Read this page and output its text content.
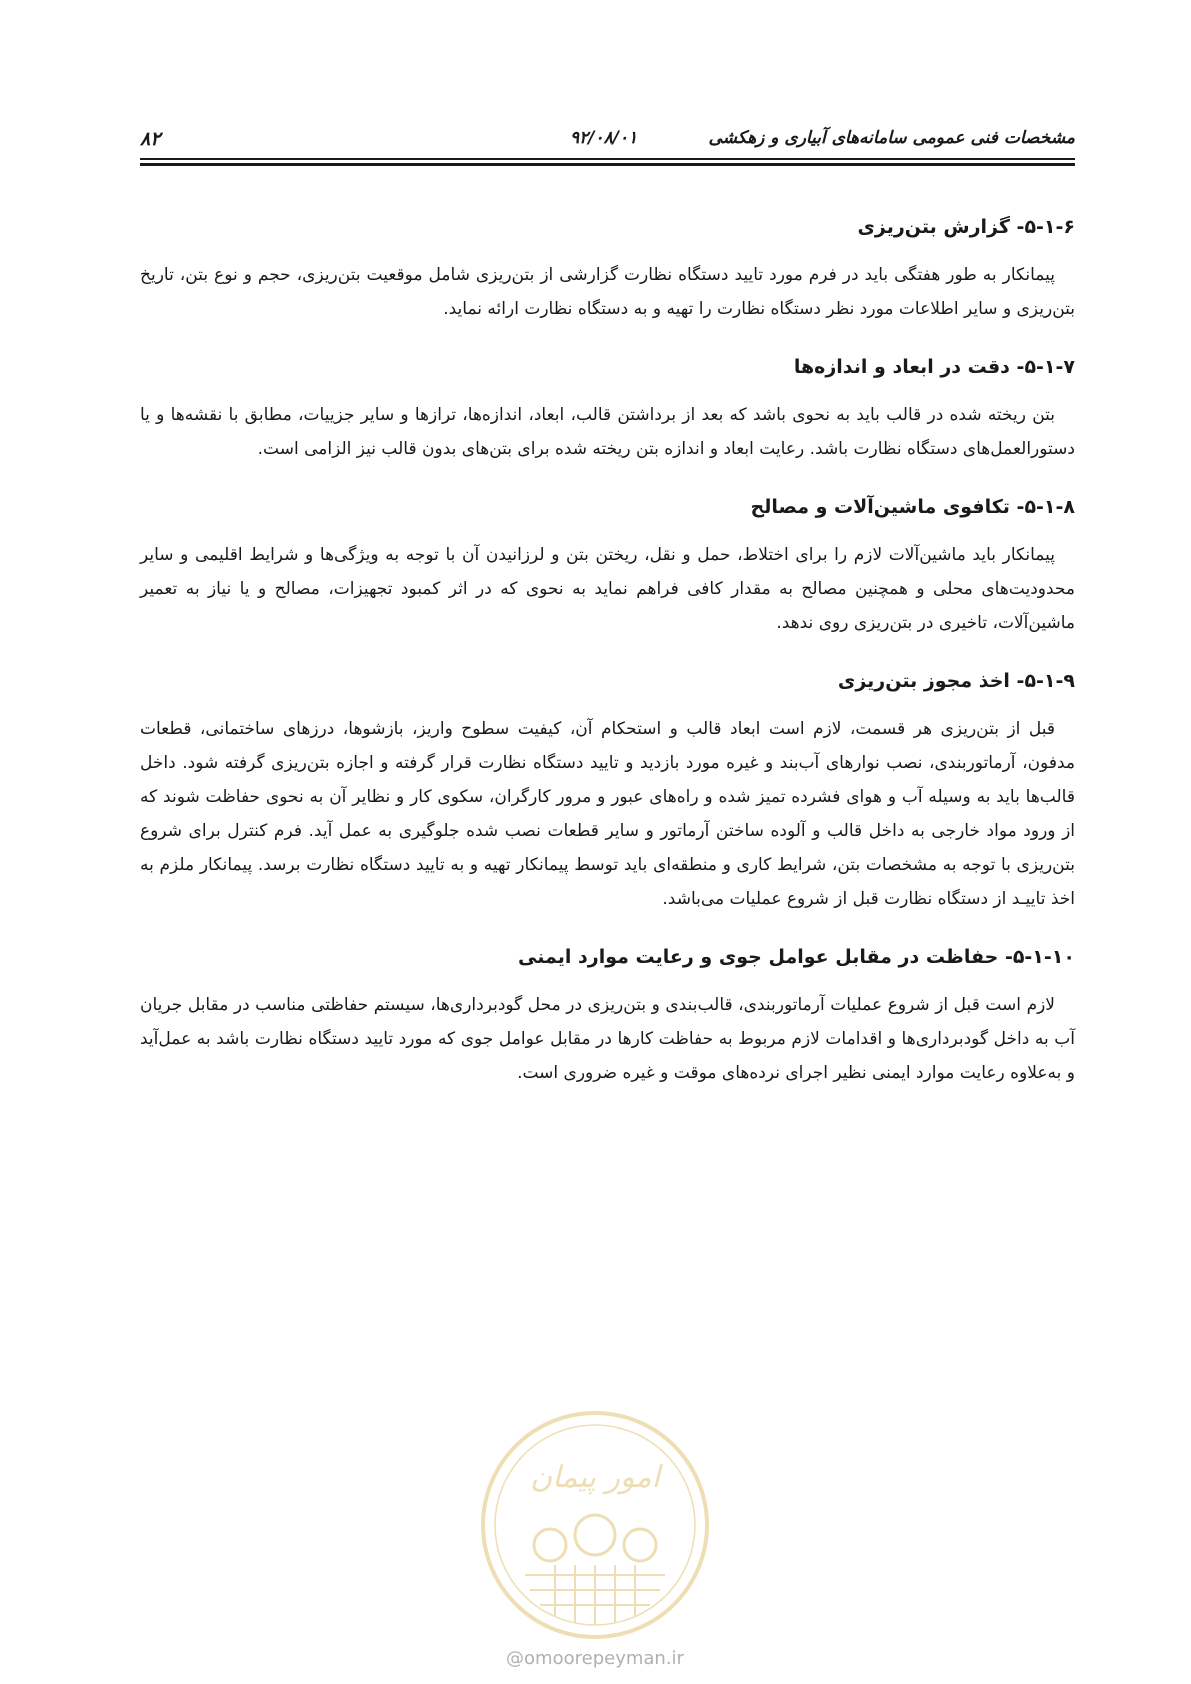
۸۲	۹۲/۰۸/۰۱	مشخصات فنی عمومی سامانه‌های آبیاری و زهکشی
۵-۱-۶- گزارش بتن‌ریزی

پیمانکار به طور هفتگی باید در فرم مورد تایید دستگاه نظارت گزارشی از بتن‌ریزی شامل موقعیت بتن‌ریزی، حجم و نوع بتن، تاریخ بتن‌ریزی و سایر اطلاعات مورد نظر دستگاه نظارت را تهیه و به دستگاه نظارت ارائه نماید.

۵-۱-۷- دقت در ابعاد و اندازه‌ها

بتن ریخته شده در قالب باید به نحوی باشد که بعد از برداشتن قالب، ابعاد، اندازه‌ها، ترازها و سایر جزییات، مطابق با نقشه‌ها و یا دستورالعمل‌های دستگاه نظارت باشد. رعایت ابعاد و اندازه بتن ریخته شده برای بتن‌های بدون قالب نیز الزامی است.

۵-۱-۸- تکافوی ماشین‌آلات و مصالح

پیمانکار باید ماشین‌آلات لازم را برای اختلاط، حمل و نقل، ریختن بتن و لرزانیدن آن با توجه به ویژگی‌ها و شرایط اقلیمی و سایر محدودیت‌های محلی و همچنین مصالح به مقدار کافی فراهم نماید به نحوی که در اثر کمبود تجهیزات، مصالح و یا نیاز به تعمیر ماشین‌آلات، تاخیری در بتن‌ریزی روی ندهد.

۵-۱-۹- اخذ مجوز بتن‌ریزی

قبل از بتن‌ریزی هر قسمت، لازم است ابعاد قالب و استحکام آن، کیفیت سطوح واریز، بازشوها، درزهای ساختمانی، قطعات مدفون، آرماتوربندی، نصب نوارهای آب‌بند و غیره مورد بازدید و تایید دستگاه نظارت قرار گرفته و اجازه بتن‌ریزی گرفته شود. داخل قالب‌ها باید به وسیله آب و هوای فشرده تمیز شده و راه‌های عبور و مرور کارگران، سکوی کار و نظایر آن به نحوی حفاظت شوند که از ورود مواد خارجی به داخل قالب و آلوده ساختن آرماتور و سایر قطعات نصب شده جلوگیری به عمل آید. فرم کنترل برای شروع بتن‌ریزی با توجه به مشخصات بتن، شرایط کاری و منطقه‌ای باید توسط پیمانکار تهیه و به تایید دستگاه نظارت برسد. پیمانکار ملزم به اخذ تاییـد از دستگاه نظارت قبل از شروع عملیات می‌باشد.

۵-۱-۱۰- حفاظت در مقابل عوامل جوی و رعایت موارد ایمنی

لازم است قبل از شروع عملیات آرماتوربندی، قالب‌بندی و بتن‌ریزی در محل گودبرداری‌ها، سیستم حفاظتی مناسب در مقابل جریان آب به داخل گودبرداری‌ها و اقدامات لازم مربوط به حفاظت کارها در مقابل عوامل جوی که مورد تایید دستگاه نظارت باشد به عمل‌آید و به‌علاوه رعایت موارد ایمنی نظیر اجرای نرده‌های موقت و غیره ضروری است.

امور پیمان
@omoorepeyman.ir
